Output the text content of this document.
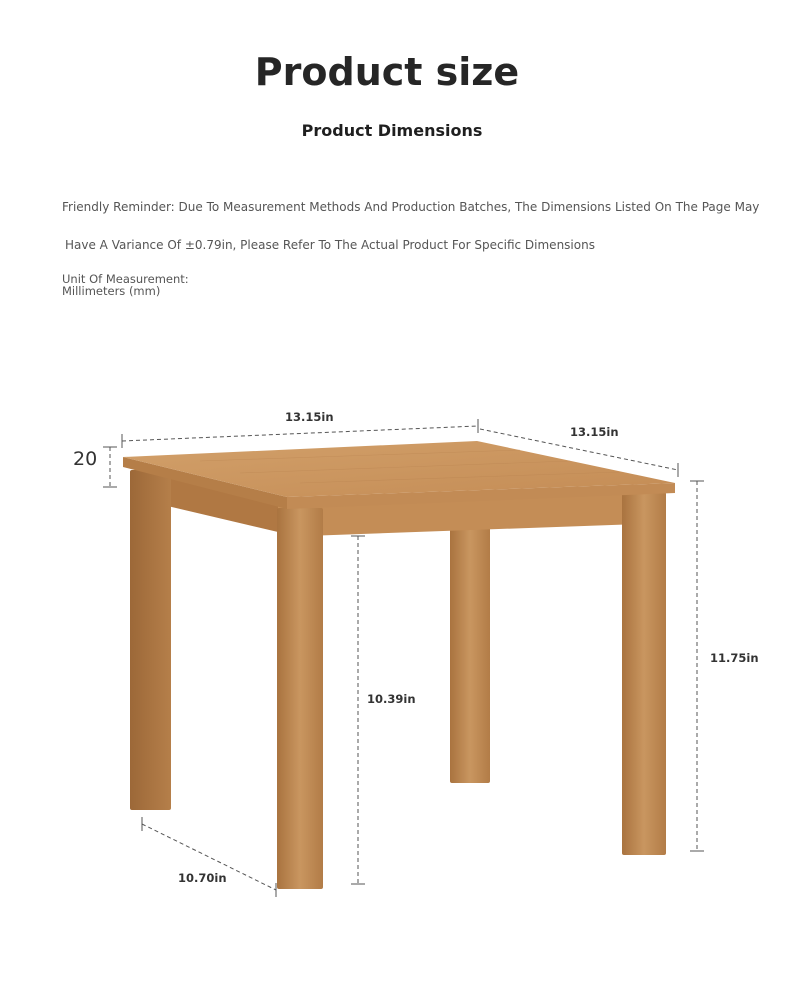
Product size
Product Dimensions
Friendly Reminder: Due To Measurement Methods And Production Batches, The Dimensions Listed On The Page May
Have A Variance Of ±0.79in, Please Refer To The Actual Product For Specific Dimensions
Unit Of Measurement:
Millimeters (mm)
13.15in
13.15in
20
11.75in
10.39in
10.70in
